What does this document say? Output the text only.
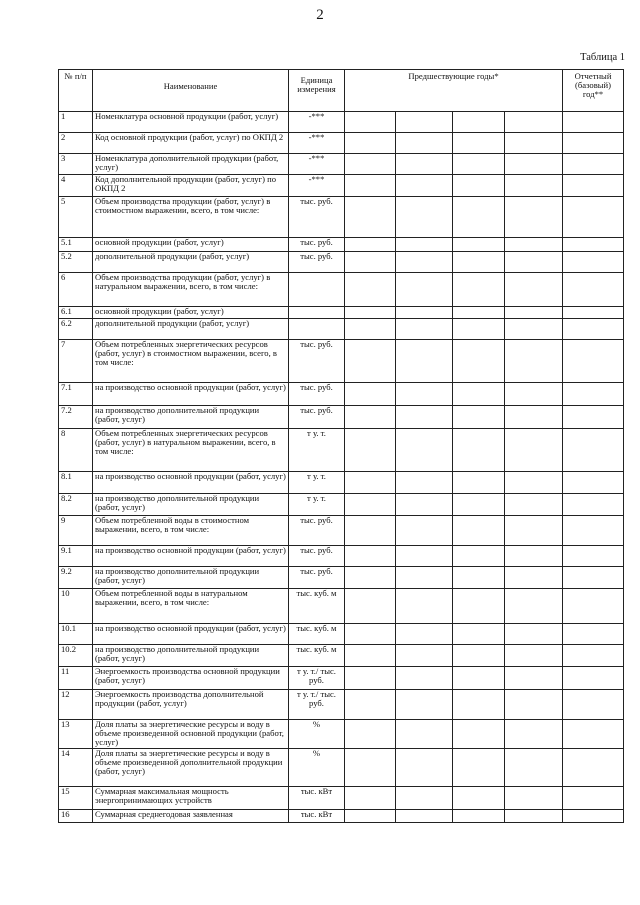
2
Таблица 1
№ п/п	Наименование	Единица измерения	Предшествующие годы*				Отчетный (базовый) год**
1	Номенклатура основной продукции (работ, услуг)	-***					
2	Код основной продукции (работ, услуг) по ОКПД 2	-***					
3	Номенклатура дополнительной продукции (работ, услуг)	-***					
4	Код дополнительной продукции (работ, услуг) по ОКПД 2	-***					
5	Объем производства продукции (работ, услуг) в стоимостном выражении, всего, в том числе:	тыс. руб.					
5.1	основной продукции (работ, услуг)	тыс. руб.					
5.2	дополнительной продукции (работ, услуг)	тыс. руб.					
6	Объем производства продукции (работ, услуг) в натуральном выражении, всего, в том числе:						
6.1	основной продукции (работ, услуг)						
6.2	дополнительной продукции (работ, услуг)						
7	Объем потребленных энергетических ресурсов (работ, услуг) в стоимостном выражении, всего, в том числе:	тыс. руб.					
7.1	на производство основной продукции (работ, услуг)	тыс. руб.					
7.2	на производство дополнительной продукции (работ, услуг)	тыс. руб.					
8	Объем потребленных энергетических ресурсов (работ, услуг) в натуральном выражении, всего, в том числе:	т у. т.					
8.1	на производство основной продукции (работ, услуг)	т у. т.					
8.2	на производство дополнительной продукции (работ, услуг)	т у. т.					
9	Объем потребленной воды в стоимостном выражении, всего, в том числе:	тыс. руб.					
9.1	на производство основной продукции (работ, услуг)	тыс. руб.					
9.2	на производство дополнительной продукции (работ, услуг)	тыс. руб.					
10	Объем потребленной воды в натуральном выражении, всего, в том числе:	тыс. куб. м					
10.1	на производство основной продукции (работ, услуг)	тыс. куб. м					
10.2	на производство дополнительной продукции (работ, услуг)	тыс. куб. м					
11	Энергоемкость производства основной продукции (работ, услуг)	т у. т./ тыс. руб.					
12	Энергоемкость производства дополнительной продукции (работ, услуг)	т у. т./ тыс. руб.					
13	Доля платы за энергетические ресурсы и воду в объеме произведенной основной продукции (работ, услуг)	%					
14	Доля платы за энергетические ресурсы и воду в объеме произведенной дополнительной продукции (работ, услуг)	%					
15	Суммарная максимальная мощность энергопринимающих устройств	тыс. кВт					
16	Суммарная среднегодовая заявленная	тыс. кВт					
